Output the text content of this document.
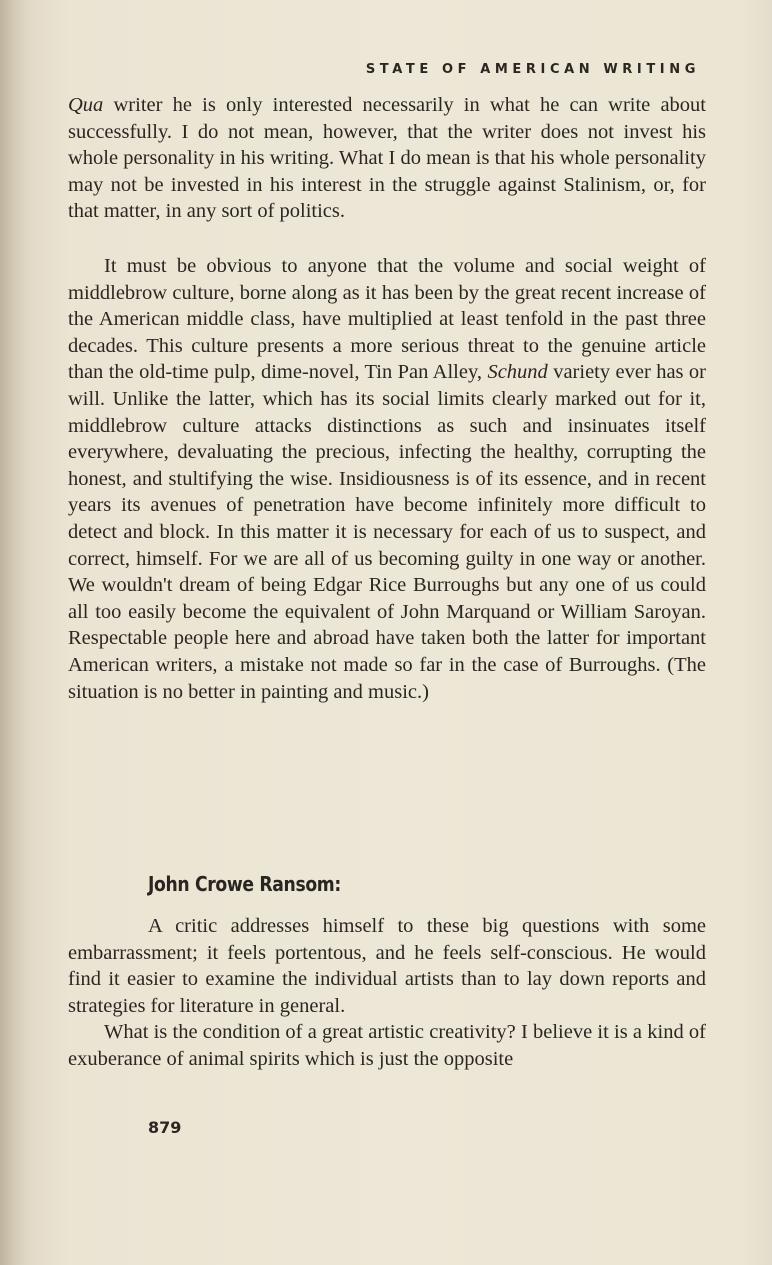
STATE OF AMERICAN WRITING

Qua writer he is only interested necessarily in what he can write about successfully. I do not mean, however, that the writer does not invest his whole personality in his writing. What I do mean is that his whole personality may not be invested in his interest in the struggle against Stalinism, or, for that matter, in any sort of politics.

It must be obvious to anyone that the volume and social weight of middlebrow culture, borne along as it has been by the great recent increase of the American middle class, have multiplied at least tenfold in the past three decades. This culture presents a more serious threat to the genuine article than the old-time pulp, dime-novel, Tin Pan Alley, Schund variety ever has or will. Unlike the latter, which has its social limits clearly marked out for it, middlebrow culture attacks distinctions as such and insinuates itself everywhere, devaluating the precious, infecting the healthy, corrupting the honest, and stultifying the wise. Insidiousness is of its essence, and in recent years its avenues of penetration have become infinitely more difficult to detect and block. In this matter it is necessary for each of us to suspect, and correct, himself. For we are all of us becoming guilty in one way or another. We wouldn't dream of being Edgar Rice Burroughs but any one of us could all too easily become the equivalent of John Marquand or William Saroyan. Respectable people here and abroad have taken both the latter for important American writers, a mistake not made so far in the case of Burroughs. (The situation is no better in painting and music.)

John Crowe Ransom:

A critic addresses himself to these big questions with some embarrassment; it feels portentous, and he feels self-conscious. He would find it easier to examine the individual artists than to lay down reports and strategies for literature in general.

What is the condition of a great artistic creativity? I believe it is a kind of exuberance of animal spirits which is just the opposite

879
